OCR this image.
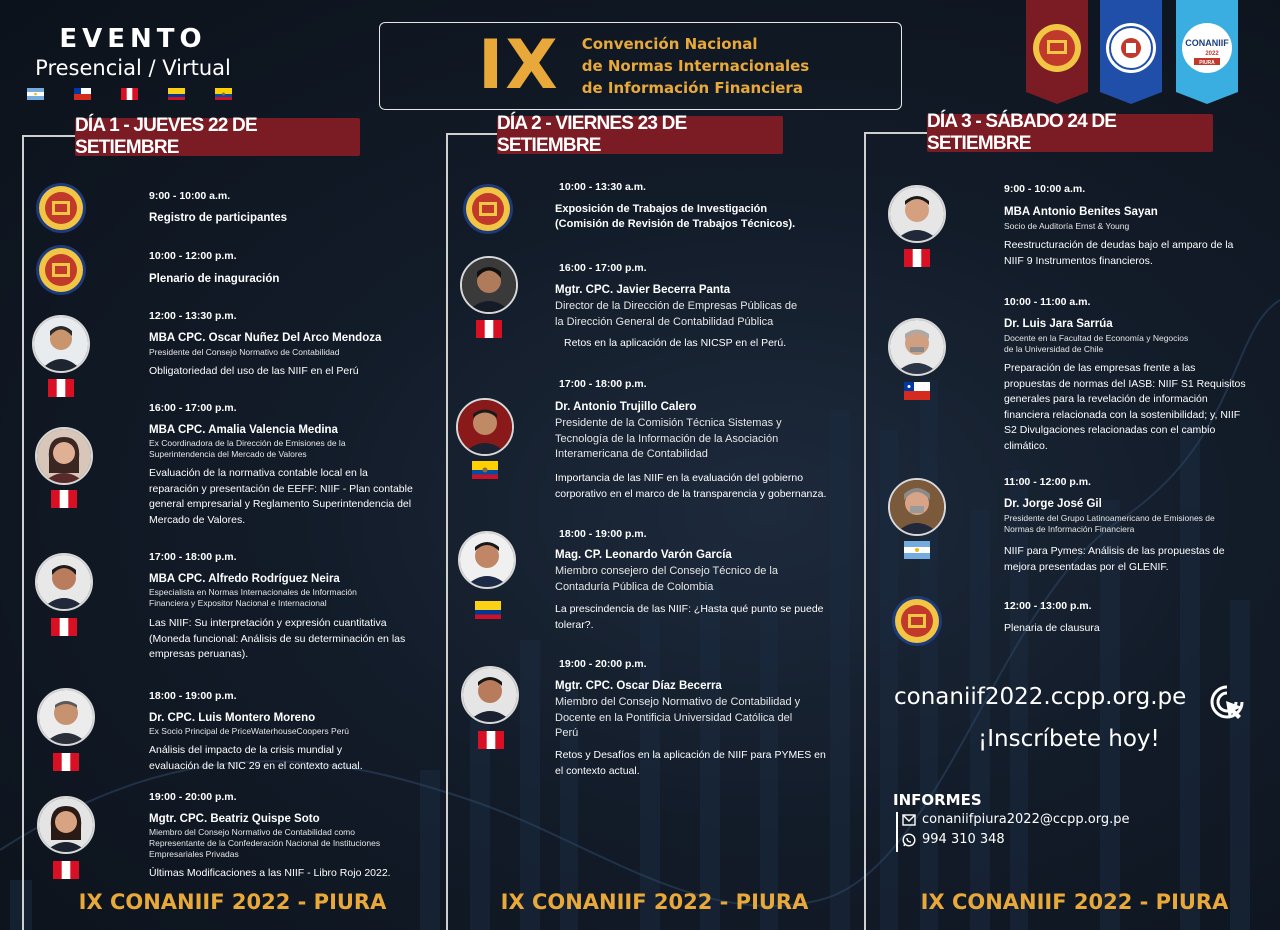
EVENTO
Presencial / Virtual	IX Convención Nacional
de Normas Internacionales
de Información Financiera
CONANIIF
2022
PIURA
DÍA 1 - JUEVES 22 DE SETIEMBRE
DÍA 2 - VIERNES 23 DE SETIEMBRE
DÍA 3 - SÁBADO 24 DE SETIEMBRE
9:00 - 10:00 a.m.
Registro de participantes
10:00 - 12:00 p.m.
Plenario de inaguración
12:00 - 13:30 p.m.
MBA CPC. Oscar Nuñez Del Arco Mendoza
Presidente del Consejo Normativo de Contabilidad
Obligatoriedad del uso de las NIIF en el Perú
16:00 - 17:00 p.m.
MBA CPC. Amalia Valencia Medina
Ex Coordinadora de la Dirección de Emisiones de la
Superintendencia del Mercado de Valores
Evaluación de la normativa contable local en la
reparación y presentación de EEFF: NIIF - Plan contable
general empresarial y Reglamento Superintendencia del
Mercado de Valores.
17:00 - 18:00 p.m.
MBA CPC. Alfredo Rodríguez Neira
Especialista en Normas Internacionales de Información
Financiera y Expositor Nacional e Internacional
Las NIIF: Su interpretación y expresión cuantitativa
(Moneda funcional: Análisis de su determinación en las
empresas peruanas).
18:00 - 19:00 p.m.
Dr. CPC. Luis Montero Moreno
Ex Socio Principal de PriceWaterhouseCoopers Perú
Análisis del impacto de la crisis mundial y
evaluación de la NIC 29 en el contexto actual.
19:00 - 20:00 p.m.
Mgtr. CPC. Beatriz Quispe Soto
Miembro del Consejo Normativo de Contabilidad como
Representante de la Confederación Nacional de Instituciones
Empresariales Privadas
Últimas Modificaciones a las NIIF - Libro Rojo 2022.
10:00 - 13:30 a.m.
Exposición de Trabajos de Investigación
(Comisión de Revisión de Trabajos Técnicos).
16:00 - 17:00 p.m.
Mgtr. CPC. Javier Becerra Panta
Director de la Dirección de Empresas Públicas de
la Dirección General de Contabilidad Pública
Retos en la aplicación de las NICSP en el Perú.
17:00 - 18:00 p.m.
Dr. Antonio Trujillo Calero
Presidente de la Comisión Técnica Sistemas y
Tecnología de la Información de la Asociación
Interamericana de Contabilidad
Importancia de las NIIF en la evaluación del gobierno
corporativo en el marco de la transparencia y gobernanza.
18:00 - 19:00 p.m.
Mag. CP. Leonardo Varón García
Miembro consejero del Consejo Técnico de la
Contaduría Pública de Colombia
La prescindencia de las NIIF: ¿Hasta qué punto se puede
tolerar?.
19:00 - 20:00 p.m.
Mgtr. CPC. Oscar Díaz Becerra
Miembro del Consejo Normativo de Contabilidad y
Docente en la Pontificia Universidad Católica del
Perú
Retos y Desafíos en la aplicación de NIIF para PYMES en
el contexto actual.
9:00 - 10:00 a.m.
MBA Antonio Benites Sayan
Socio de Auditoría Ernst & Young
Reestructuración de deudas bajo el amparo de la
NIIF 9 Instrumentos financieros.
10:00 - 11:00 a.m.
Dr. Luis Jara Sarrúa
Docente en la Facultad de Economía y Negocios
de la Universidad de Chile
Preparación de las empresas frente a las
propuestas de normas del IASB: NIIF S1 Requisitos
generales para la revelación de información
financiera relacionada con la sostenibilidad; y, NIIF
S2 Divulgaciones relacionadas con el cambio
climático.
11:00 - 12:00 p.m.
Dr. Jorge José Gil
Presidente del Grupo Latinoamericano de Emisiones de
Normas de Información Financiera
NIIF para Pymes: Análisis de las propuestas de
mejora presentadas por el GLENIF.
12:00 - 13:00 p.m.
Plenaria de clausura
conaniif2022.ccpp.org.pe
¡Inscríbete hoy!
INFORMES
conaniifpiura2022@ccpp.org.pe
994 310 348
IX CONANIIF 2022 - PIURA	IX CONANIIF 2022 - PIURA	IX CONANIIF 2022 - PIURA
